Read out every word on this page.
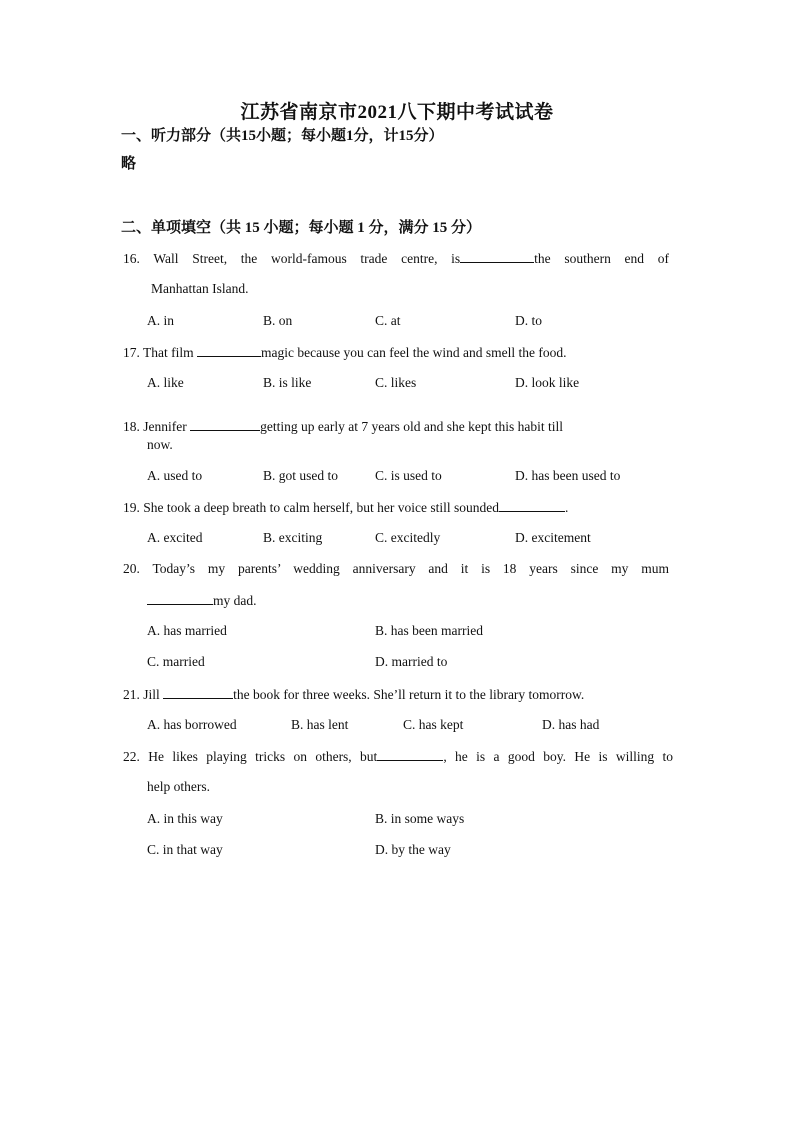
江苏省南京市2021八下期中考试试卷
一、听力部分（共15小题；每小题1分，计15分）
略
二、单项填空（共 15 小题；每小题 1 分，满分 15 分）
16. Wall Street, the world-famous trade centre, is	the southern end of
Manhattan Island.
A. in	B. on	C. at	D. to
17. That film	magic because you can feel the wind and smell the food.
A. like	B. is like	C. likes	D. look like
18. Jennifer	getting up early at 7 years old and she kept this habit till
now.
A. used to	B. got used to	C. is used to	D. has been used to
19. She took a deep breath to calm herself, but her voice still sounded	.
A. excited	B. exciting	C. excitedly	D. excitement
20. Today’s my parents’ wedding anniversary and it is 18 years since my mum
my dad.
A. has married	B. has been married
C. married	D. married to
21. Jill	the book for three weeks. She’ll return it to the library tomorrow.
A. has borrowed	B. has lent	C. has kept	D. has had
22. He likes playing tricks on others, but	, he is a good boy. He is willing to
help others.
A. in this way	B. in some ways
C. in that way	D. by the way
